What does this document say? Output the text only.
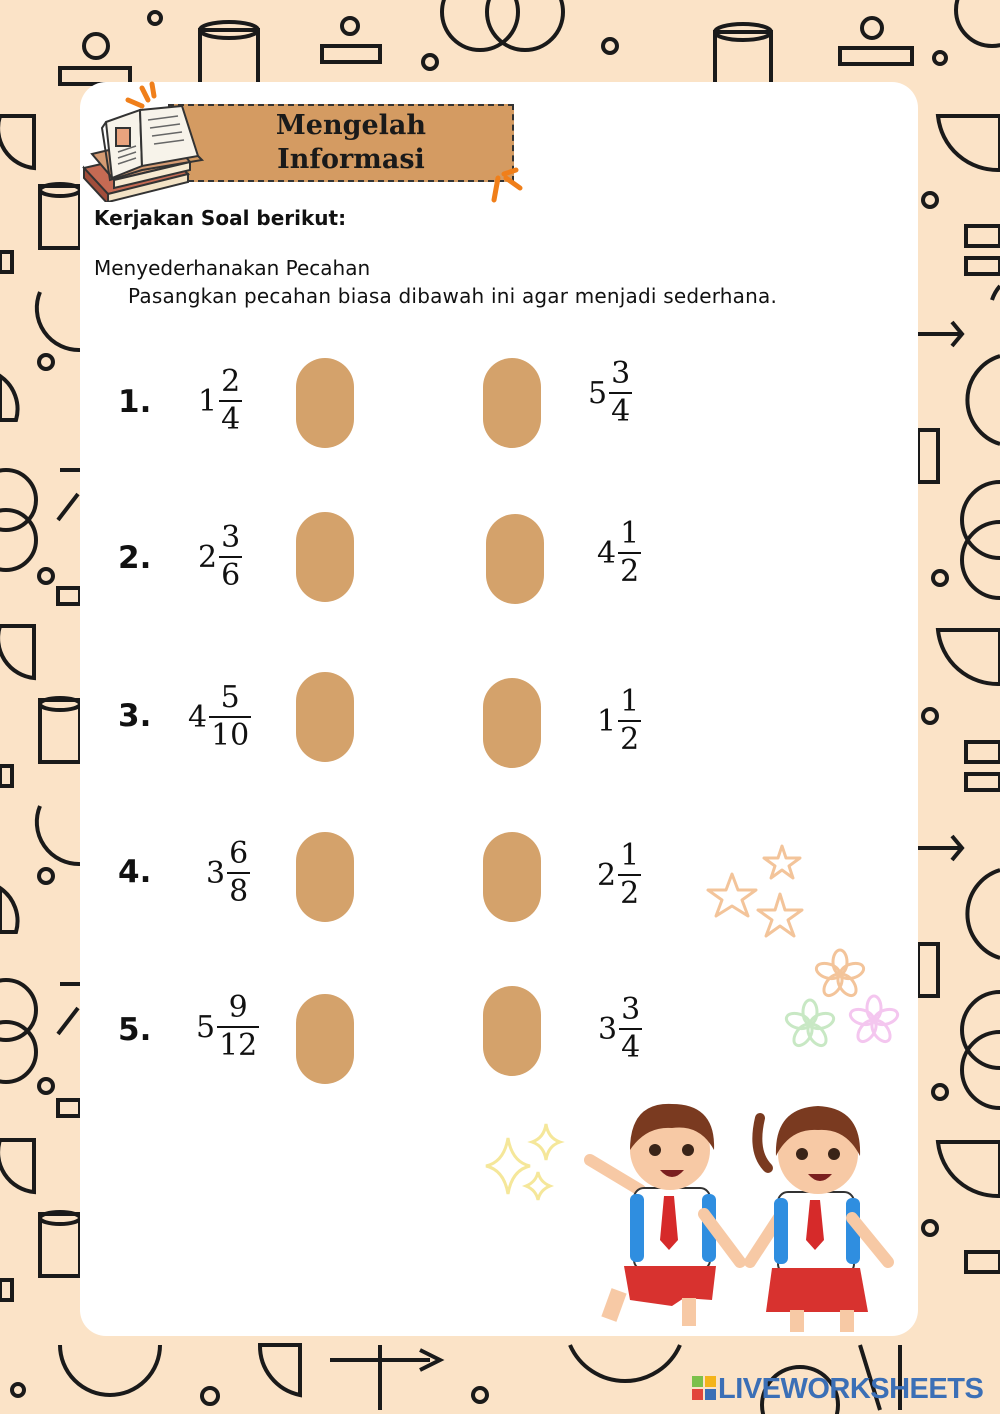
Mengelah
Informasi
Kerjakan Soal berikut:
Menyederhanakan Pecahan
Pasangkan pecahan biasa dibawah ini agar menjadi sederhana.
1. 1
2
4
2. 2
3
6
3. 4
5
10
4. 3
6
8
5. 5
9
12
5
3
4
4
1
2
1
1
2
2
1
2
3
3
4
LIVEWORKSHEETS
